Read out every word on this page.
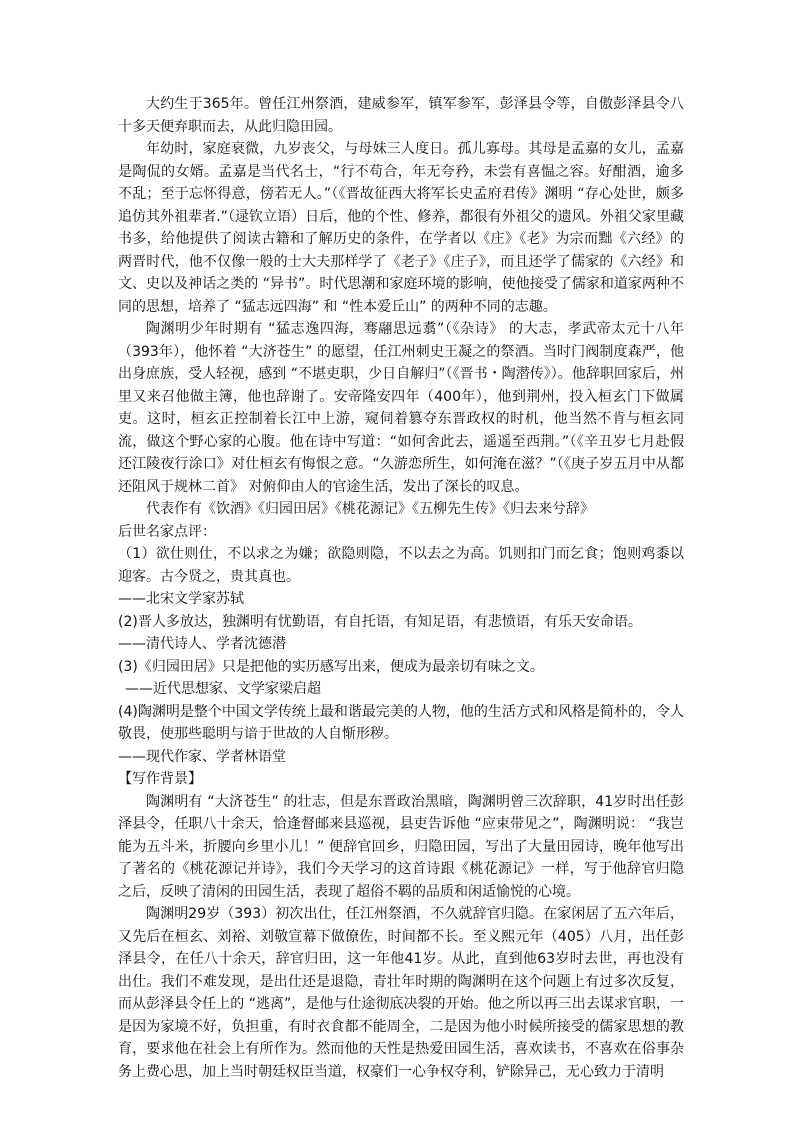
大约生于365年。曾任江州祭酒，建威参军，镇军参军，彭泽县令等，自傲彭泽县令八十多天便弃职而去，从此归隐田园。

年幼时，家庭衰微，九岁丧父，与母妹三人度日。孤儿寡母。其母是孟嘉的女儿，孟嘉是陶侃的女婿。孟嘉是当代名士，“行不苟合，年无夸矜，未尝有喜愠之容。好酣酒，逾多不乱；至于忘怀得意，傍若无人。”（《晋故征西大将军长史孟府君传》渊明 “存心处世，颇多追仿其外祖辈者.”（逯钦立语）日后，他的个性、修养，都很有外祖父的遗风。外祖父家里藏书多，给他提供了阅读古籍和了解历史的条件，在学者以《庄》《老》为宗而黜《六经》的两晋时代，他不仅像一般的士大夫那样学了《老子》《庄子》，而且还学了儒家的《六经》和文、史以及神话之类的 “异书”。时代思潮和家庭环境的影响，使他接受了儒家和道家两种不同的思想，培养了 “猛志远四海” 和 “性本爱丘山” 的两种不同的志趣。

陶渊明少年时期有 “猛志逸四海，骞翮思远翥”（《杂诗》 的大志，孝武帝太元十八年（393年），他怀着 “大济苍生” 的愿望，任江州刺史王凝之的祭酒。当时门阀制度森严，他出身庶族，受人轻视，感到 “不堪吏职，少日自解归”（《晋书・陶潜传》）。他辞职回家后，州里又来召他做主簿，他也辞谢了。安帝隆安四年（400年），他到荆州，投入桓玄门下做属吏。这时，桓玄正控制着长江中上游，窥伺着篡夺东晋政权的时机，他当然不肯与桓玄同流，做这个野心家的心腹。他在诗中写道：“如何舍此去，遥遥至西荆。”（《辛丑岁七月赴假还江陵夜行涂口》对仕桓玄有悔恨之意。“久游恋所生，如何淹在滋？”（《庚子岁五月中从都还阻风于规林二首》 对俯仰由人的官途生活，发出了深长的叹息。

代表作有《饮酒》《归园田居》《桃花源记》《五柳先生传》《归去来兮辞》

后世名家点评：

（1）欲仕则仕，不以求之为嫌；欲隐则隐，不以去之为高。饥则扣门而乞食；饱则鸡黍以迎客。古今贤之，贵其真也。

——北宋文学家苏轼

(2)晋人多放达，独渊明有忧勤语，有自托语，有知足语，有悲愤语，有乐天安命语。

——清代诗人、学者沈德潜

(3)《归园田居》只是把他的实历感写出来，便成为最亲切有味之文。

——近代思想家、文学家梁启超

(4)陶渊明是整个中国文学传统上最和谐最完美的人物，他的生活方式和风格是简朴的，令人敬畏，使那些聪明与谙于世故的人自惭形秽。

——现代作家、学者林语堂

【写作背景】

陶渊明有 “大济苍生” 的壮志，但是东晋政治黑暗，陶渊明曾三次辞职，41岁时出任彭泽县令，任职八十余天，恰逢督邮来县巡视，县吏告诉他 “应束带见之”，陶渊明说： “我岂能为五斗米，折腰向乡里小儿！” 便辞官回乡，归隐田园，写出了大量田园诗，晚年他写出了著名的《桃花源记并诗》，我们今天学习的这首诗跟《桃花源记》一样，写于他辞官归隐之后，反映了清闲的田园生活，表现了超俗不羁的品质和闲适愉悦的心境。

陶渊明29岁（393）初次出仕，任江州祭酒，不久就辞官归隐。在家闲居了五六年后，又先后在桓玄、刘裕、刘敬宣幕下做僚佐，时间都不长。至义熙元年（405）八月，出任彭泽县令，在任八十余天，辞官归田，这一年他41岁。从此，直到他63岁时去世，再也没有出仕。我们不难发现，是出仕还是退隐，青壮年时期的陶渊明在这个问题上有过多次反复，而从彭泽县令任上的 “逃离”，是他与仕途彻底决裂的开始。他之所以再三出去谋求官职，一是因为家境不好，负担重，有时衣食都不能周全，二是因为他小时候所接受的儒家思想的教育，要求他在社会上有所作为。然而他的天性是热爱田园生活，喜欢读书，不喜欢在俗事杂务上费心思，加上当时朝廷权臣当道，权豪们一心争权夺利，铲除异己，无心致力于清明
